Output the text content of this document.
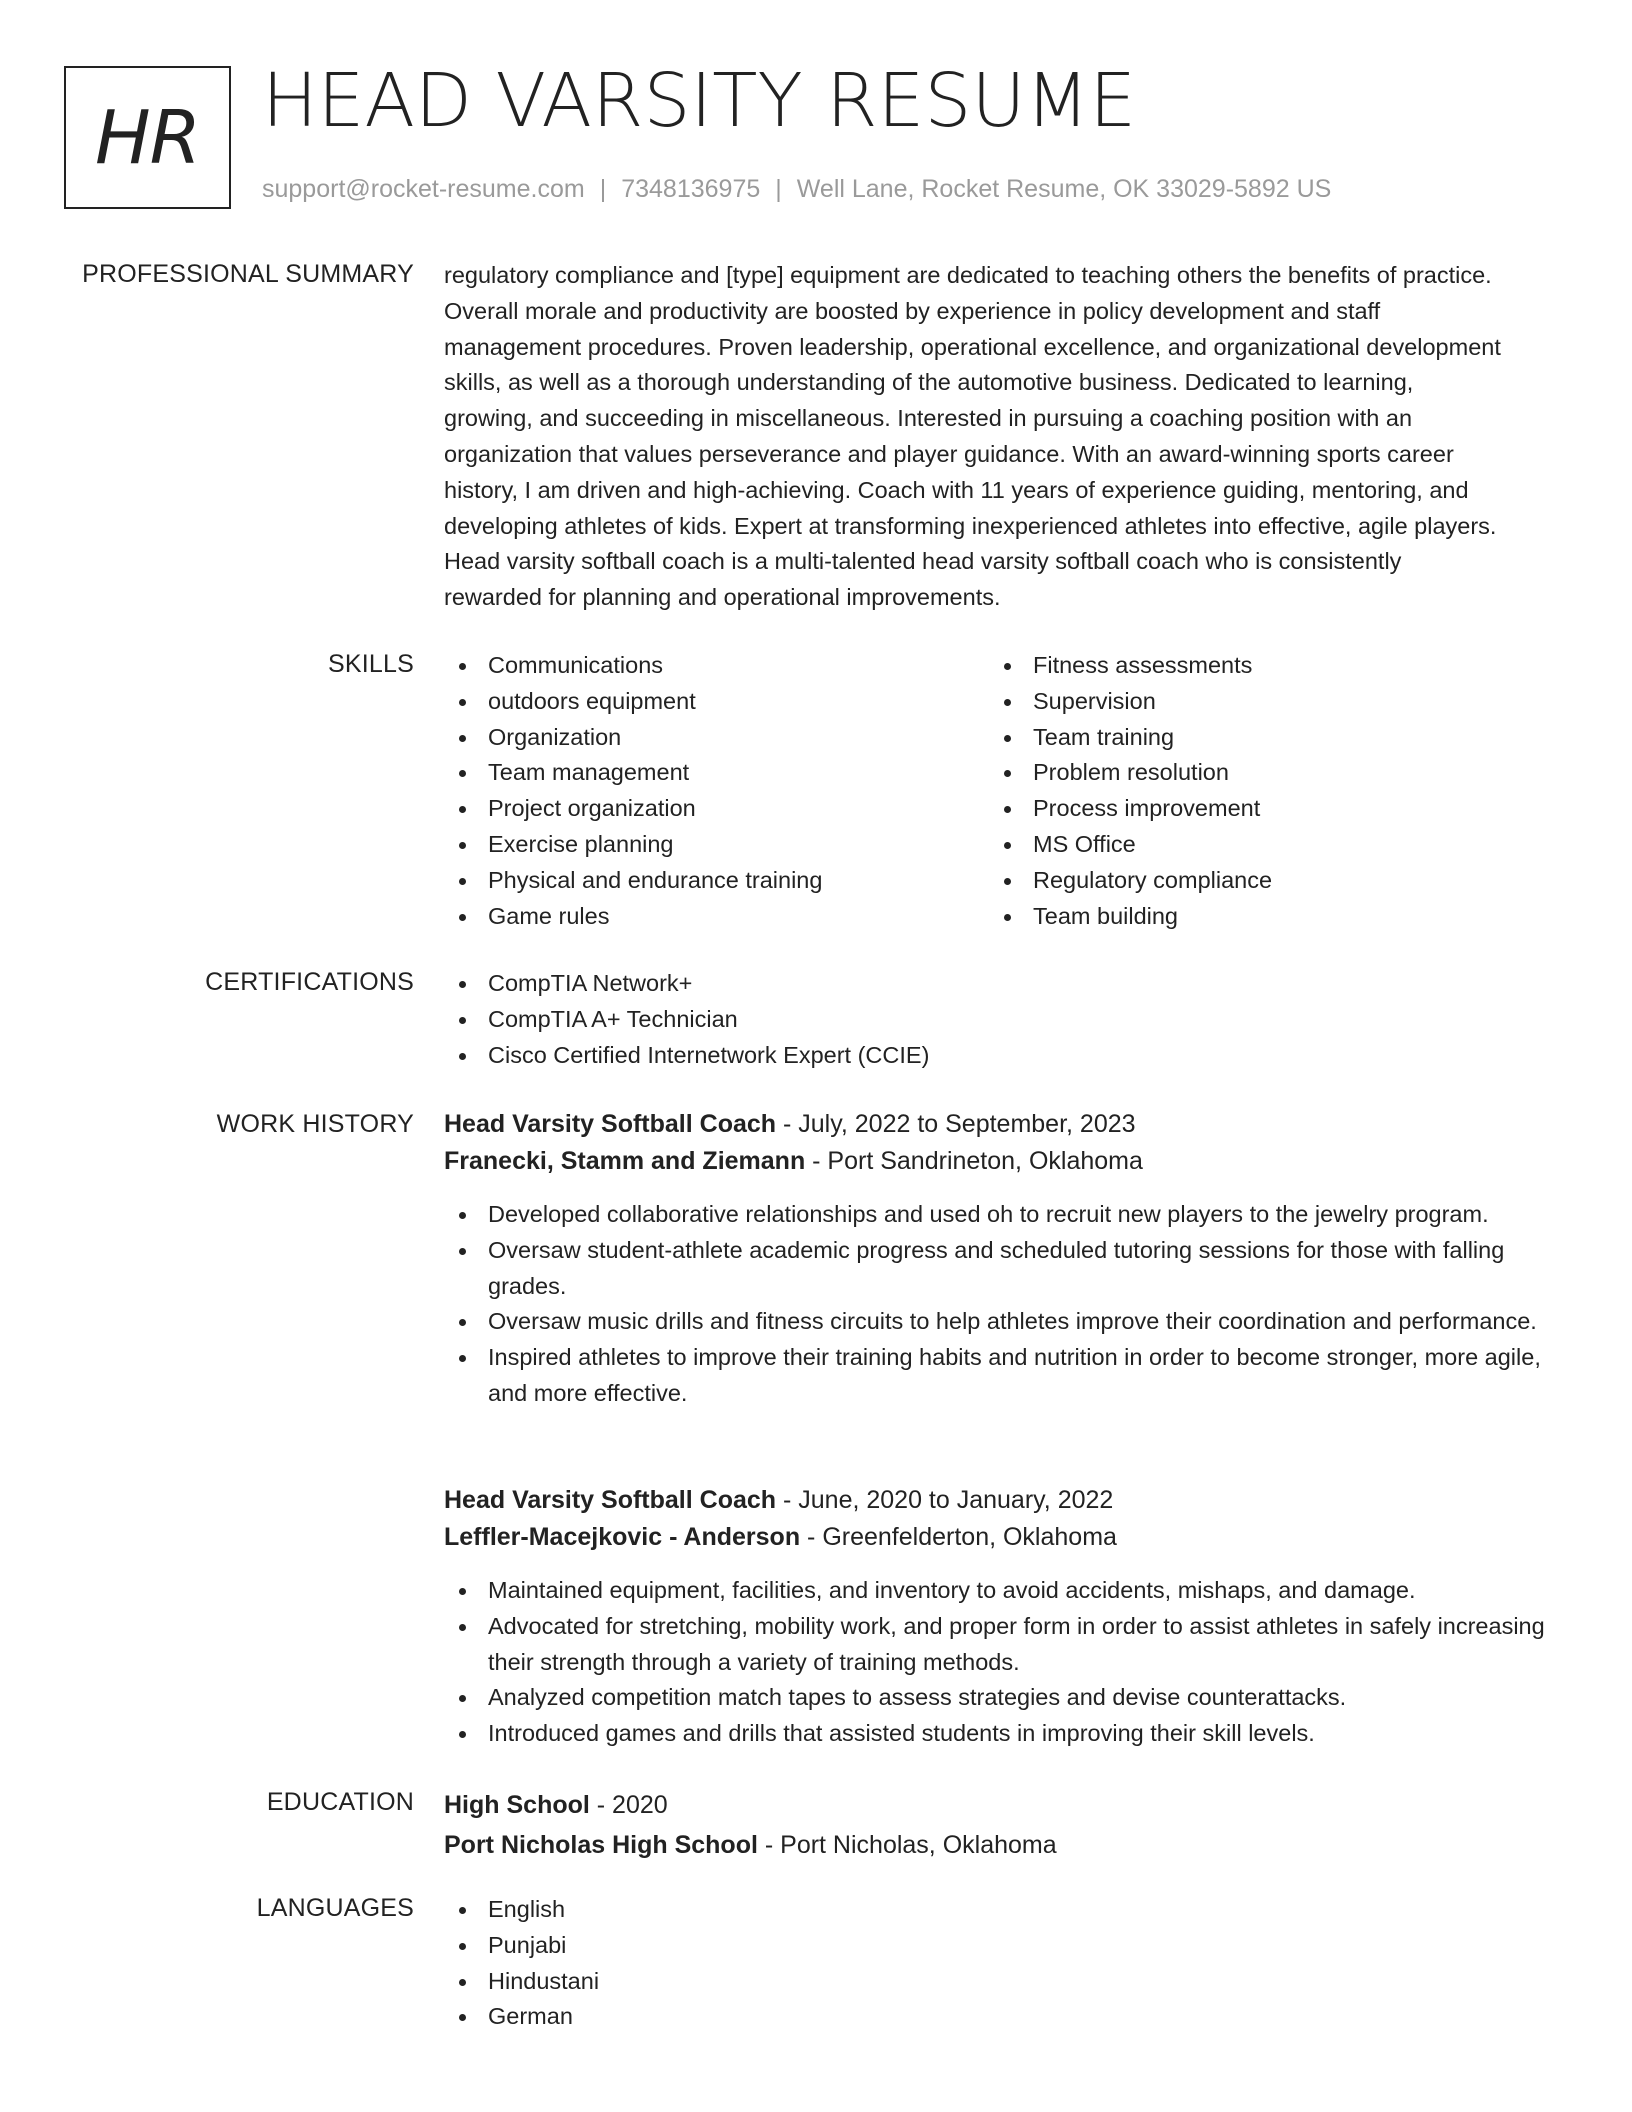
HR HEAD VARSITY RESUME
support@rocket-resume.com | 7348136975 | Well Lane, Rocket Resume, OK 33029-5892 US
PROFESSIONAL SUMMARY regulatory compliance and [type] equipment are dedicated to teaching others the benefits of practice.
Overall morale and productivity are boosted by experience in policy development and staff
management procedures. Proven leadership, operational excellence, and organizational development
skills, as well as a thorough understanding of the automotive business. Dedicated to learning,
growing, and succeeding in miscellaneous. Interested in pursuing a coaching position with an
organization that values perseverance and player guidance. With an award-winning sports career
history, I am driven and high-achieving. Coach with 11 years of experience guiding, mentoring, and
developing athletes of kids. Expert at transforming inexperienced athletes into effective, agile players.
Head varsity softball coach is a multi-talented head varsity softball coach who is consistently
rewarded for planning and operational improvements.
SKILLS	Communications
outdoors equipment
Organization
Team management
Project organization
Exercise planning
Physical and endurance training
Game rules
Fitness assessments
Supervision
Team training
Problem resolution
Process improvement
MS Office
Regulatory compliance
Team building
CERTIFICATIONS	CompTIA Network+
CompTIA A+ Technician
Cisco Certified Internetwork Expert (CCIE)
WORK HISTORY Head Varsity Softball Coach - July, 2022 to September, 2023
Franecki, Stamm and Ziemann - Port Sandrineton, Oklahoma
Developed collaborative relationships and used oh to recruit new players to the jewelry program.
Oversaw student-athlete academic progress and scheduled tutoring sessions for those with falling grades.
Oversaw music drills and fitness circuits to help athletes improve their coordination and performance.
Inspired athletes to improve their training habits and nutrition in order to become stronger, more agile, and more effective.
Head Varsity Softball Coach - June, 2020 to January, 2022
Leffler-Macejkovic - Anderson - Greenfelderton, Oklahoma
Maintained equipment, facilities, and inventory to avoid accidents, mishaps, and damage.
Advocated for stretching, mobility work, and proper form in order to assist athletes in safely increasing their strength through a variety of training methods.
Analyzed competition match tapes to assess strategies and devise counterattacks.
Introduced games and drills that assisted students in improving their skill levels.
EDUCATION High School - 2020
Port Nicholas High School - Port Nicholas, Oklahoma
LANGUAGES	English
Punjabi
Hindustani
German
